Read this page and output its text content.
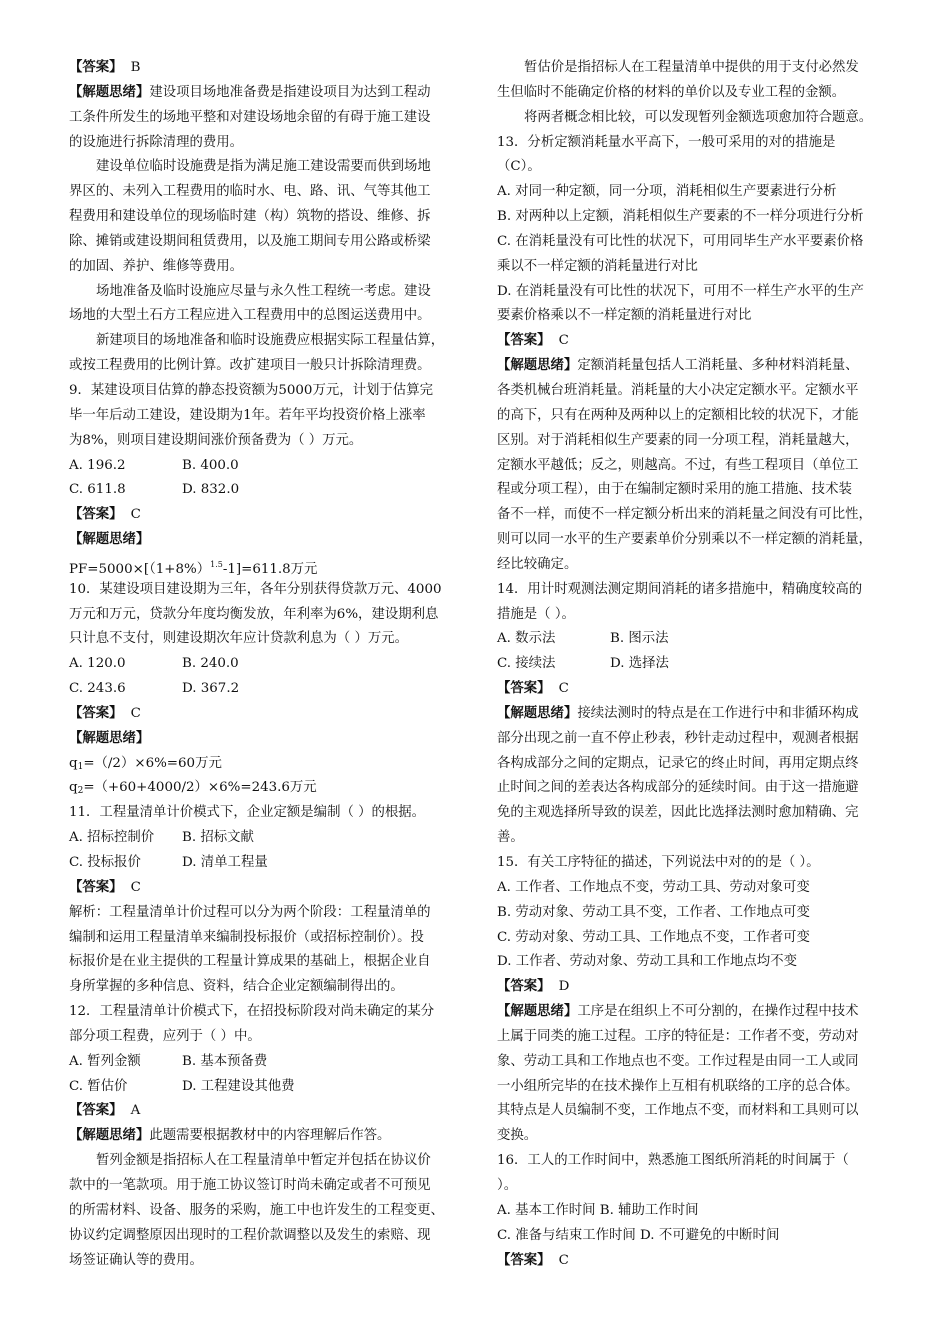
【答案】 B
【解题思绪】建设项目场地准备费是指建设项目为达到工程动
工条件所发生的场地平整和对建设场地余留的有碍于施工建设
的设施进行拆除清理的费用。
建设单位临时设施费是指为满足施工建设需要而供到场地
界区的、未列入工程费用的临时水、电、路、讯、气等其他工
程费用和建设单位的现场临时建（构）筑物的搭设、维修、拆
除、摊销或建设期间租赁费用，以及施工期间专用公路或桥梁
的加固、养护、维修等费用。
场地准备及临时设施应尽量与永久性工程统一考虑。建设
场地的大型土石方工程应进入工程费用中的总图运送费用中。
新建项目的场地准备和临时设施费应根据实际工程量估算，
或按工程费用的比例计算。改扩建项目一般只计拆除清理费。
9．某建设项目估算的静态投资额为5000万元，计划于估算完
毕一年后动工建设，建设期为1年。若年平均投资价格上涨率
为8%，则项目建设期间涨价预备费为（ ）万元。
A. 196.2	B. 400.0
C. 611.8	D. 832.0
【答案】 C
【解题思绪】
$PF=5000\times[(1+8\%)^{1.5}-1]=611.8$万元
10．某建设项目建设期为三年，各年分别获得贷款万元、4000
万元和万元，贷款分年度均衡发放，年利率为6%，建设期利息
只计息不支付，则建设期次年应计贷款利息为（ ）万元。
A. 120.0	B. 240.0
C. 243.6	D. 367.2
【答案】 C
【解题思绪】
$q_1=(/2)\times 6\%=60$万元
$q_2=(+60+4000/2)\times 6\%=243.6$万元
11．工程量清单计价模式下，企业定额是编制（ ）的根据。
A. 招标控制价 B. 招标文献
C. 投标报价	D. 清单工程量
【答案】 C
解析：工程量清单计价过程可以分为两个阶段：工程量清单的
编制和运用工程量清单来编制投标报价（或招标控制价）。投
标报价是在业主提供的工程量计算成果的基础上，根据企业自
身所掌握的多种信息、资料，结合企业定额编制得出的。
12．工程量清单计价模式下，在招投标阶段对尚未确定的某分
部分项工程费，应列于（ ）中。
A. 暂列金额	B. 基本预备费
C. 暂估价	D. 工程建设其他费
【答案】 A
【解题思绪】此题需要根据教材中的内容理解后作答。
暂列金额是指招标人在工程量清单中暂定并包括在协议价
款中的一笔款项。用于施工协议签订时尚未确定或者不可预见
的所需材料、设备、服务的采购，施工中也许发生的工程变更、
协议约定调整原因出现时的工程价款调整以及发生的索赔、现
场签证确认等的费用。
暂估价是指招标人在工程量清单中提供的用于支付必然发
生但临时不能确定价格的材料的单价以及专业工程的金额。
将两者概念相比较，可以发现暂列金额选项愈加符合题意。
13．分析定额消耗量水平高下，一般可采用的对的措施是
（C）。
A. 对同一种定额，同一分项，消耗相似生产要素进行分析
B. 对两种以上定额，消耗相似生产要素的不一样分项进行分析
C. 在消耗量没有可比性的状况下，可用同毕生产水平要素价格
乘以不一样定额的消耗量进行对比
D. 在消耗量没有可比性的状况下，可用不一样生产水平的生产
要素价格乘以不一样定额的消耗量进行对比
【答案】 C
【解题思绪】定额消耗量包括人工消耗量、多种材料消耗量、
各类机械台班消耗量。消耗量的大小决定定额水平。定额水平
的高下，只有在两种及两种以上的定额相比较的状况下，才能
区别。对于消耗相似生产要素的同一分项工程，消耗量越大，
定额水平越低；反之，则越高。不过，有些工程项目（单位工
程或分项工程），由于在编制定额时采用的施工措施、技术装
备不一样，而使不一样定额分析出来的消耗量之间没有可比性，
则可以同一水平的生产要素单价分别乘以不一样定额的消耗量，
经比较确定。
14．用计时观测法测定期间消耗的诸多措施中，精确度较高的
措施是（ ）。
A. 数示法	B. 图示法
C. 接续法	D. 选择法
【答案】 C
【解题思绪】接续法测时的特点是在工作进行中和非循环构成
部分出现之前一直不停止秒表，秒针走动过程中，观测者根据
各构成部分之间的定期点，记录它的终止时间，再用定期点终
止时间之间的差表达各构成部分的延续时间。由于这一措施避
免的主观选择所导致的误差，因此比选择法测时愈加精确、完
善。
15．有关工序特征的描述，下列说法中对的的是（ ）。
A. 工作者、工作地点不变，劳动工具、劳动对象可变
B. 劳动对象、劳动工具不变，工作者、工作地点可变
C. 劳动对象、劳动工具、工作地点不变，工作者可变
D. 工作者、劳动对象、劳动工具和工作地点均不变
【答案】 D
【解题思绪】工序是在组织上不可分割的，在操作过程中技术
上属于同类的施工过程。工序的特征是：工作者不变，劳动对
象、劳动工具和工作地点也不变。工作过程是由同一工人或同
一小组所完毕的在技术操作上互相有机联络的工序的总合体。
其特点是人员编制不变，工作地点不变，而材料和工具则可以
变换。
16．工人的工作时间中，熟悉施工图纸所消耗的时间属于（
）。
A. 基本工作时间 B. 辅助工作时间
C. 准备与结束工作时间 D. 不可避免的中断时间
【答案】 C
